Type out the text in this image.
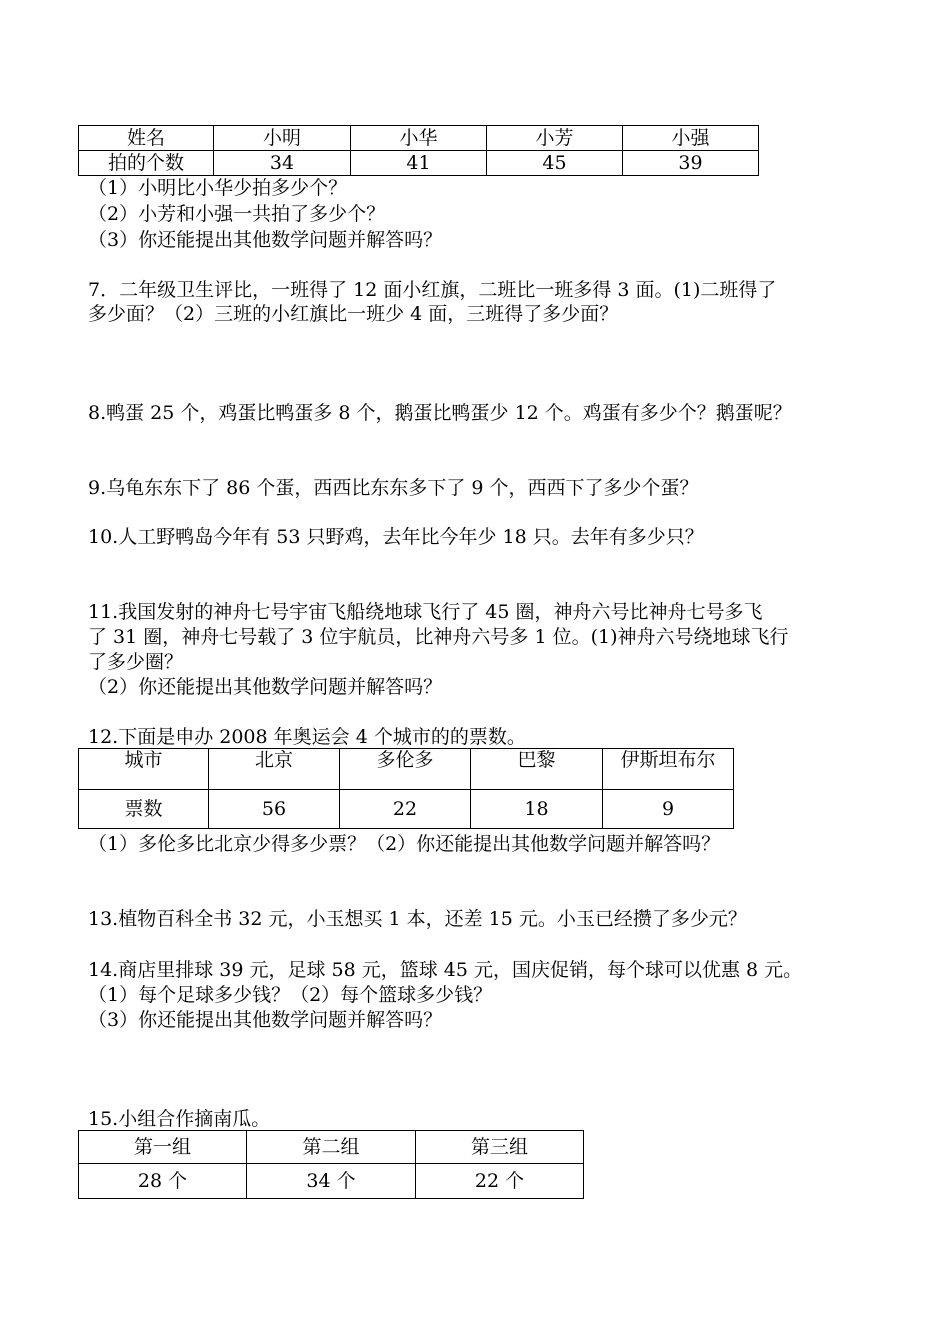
姓名	小明	小华	小芳	小强
拍的个数	34	41	45	39
（1）小明比小华少拍多少个？
（2）小芳和小强一共拍了多少个？
（3）你还能提出其他数学问题并解答吗？
7．二年级卫生评比，一班得了 12 面小红旗，二班比一班多得 3 面。(1)二班得了
多少面？（2）三班的小红旗比一班少 4 面，三班得了多少面？
8.鸭蛋 25 个，鸡蛋比鸭蛋多 8 个，鹅蛋比鸭蛋少 12 个。鸡蛋有多少个？鹅蛋呢？
9.乌龟东东下了 86 个蛋，西西比东东多下了 9 个，西西下了多少个蛋？
10.人工野鸭岛今年有 53 只野鸡，去年比今年少 18 只。去年有多少只？
11.我国发射的神舟七号宇宙飞船绕地球飞行了 45 圈，神舟六号比神舟七号多飞
了 31 圈，神舟七号载了 3 位宇航员，比神舟六号多 1 位。(1)神舟六号绕地球飞行
了多少圈？
（2）你还能提出其他数学问题并解答吗？
12.下面是申办 2008 年奥运会 4 个城市的的票数。
城市	北京	多伦多	巴黎	伊斯坦布尔
票数	56	22	18	9
（1）多伦多比北京少得多少票？（2）你还能提出其他数学问题并解答吗？
13.植物百科全书 32 元，小玉想买 1 本，还差 15 元。小玉已经攒了多少元？
14.商店里排球 39 元，足球 58 元，篮球 45 元，国庆促销，每个球可以优惠 8 元。
（1）每个足球多少钱？（2）每个篮球多少钱？
（3）你还能提出其他数学问题并解答吗？
15.小组合作摘南瓜。
第一组	第二组	第三组
28 个	34 个	22 个
